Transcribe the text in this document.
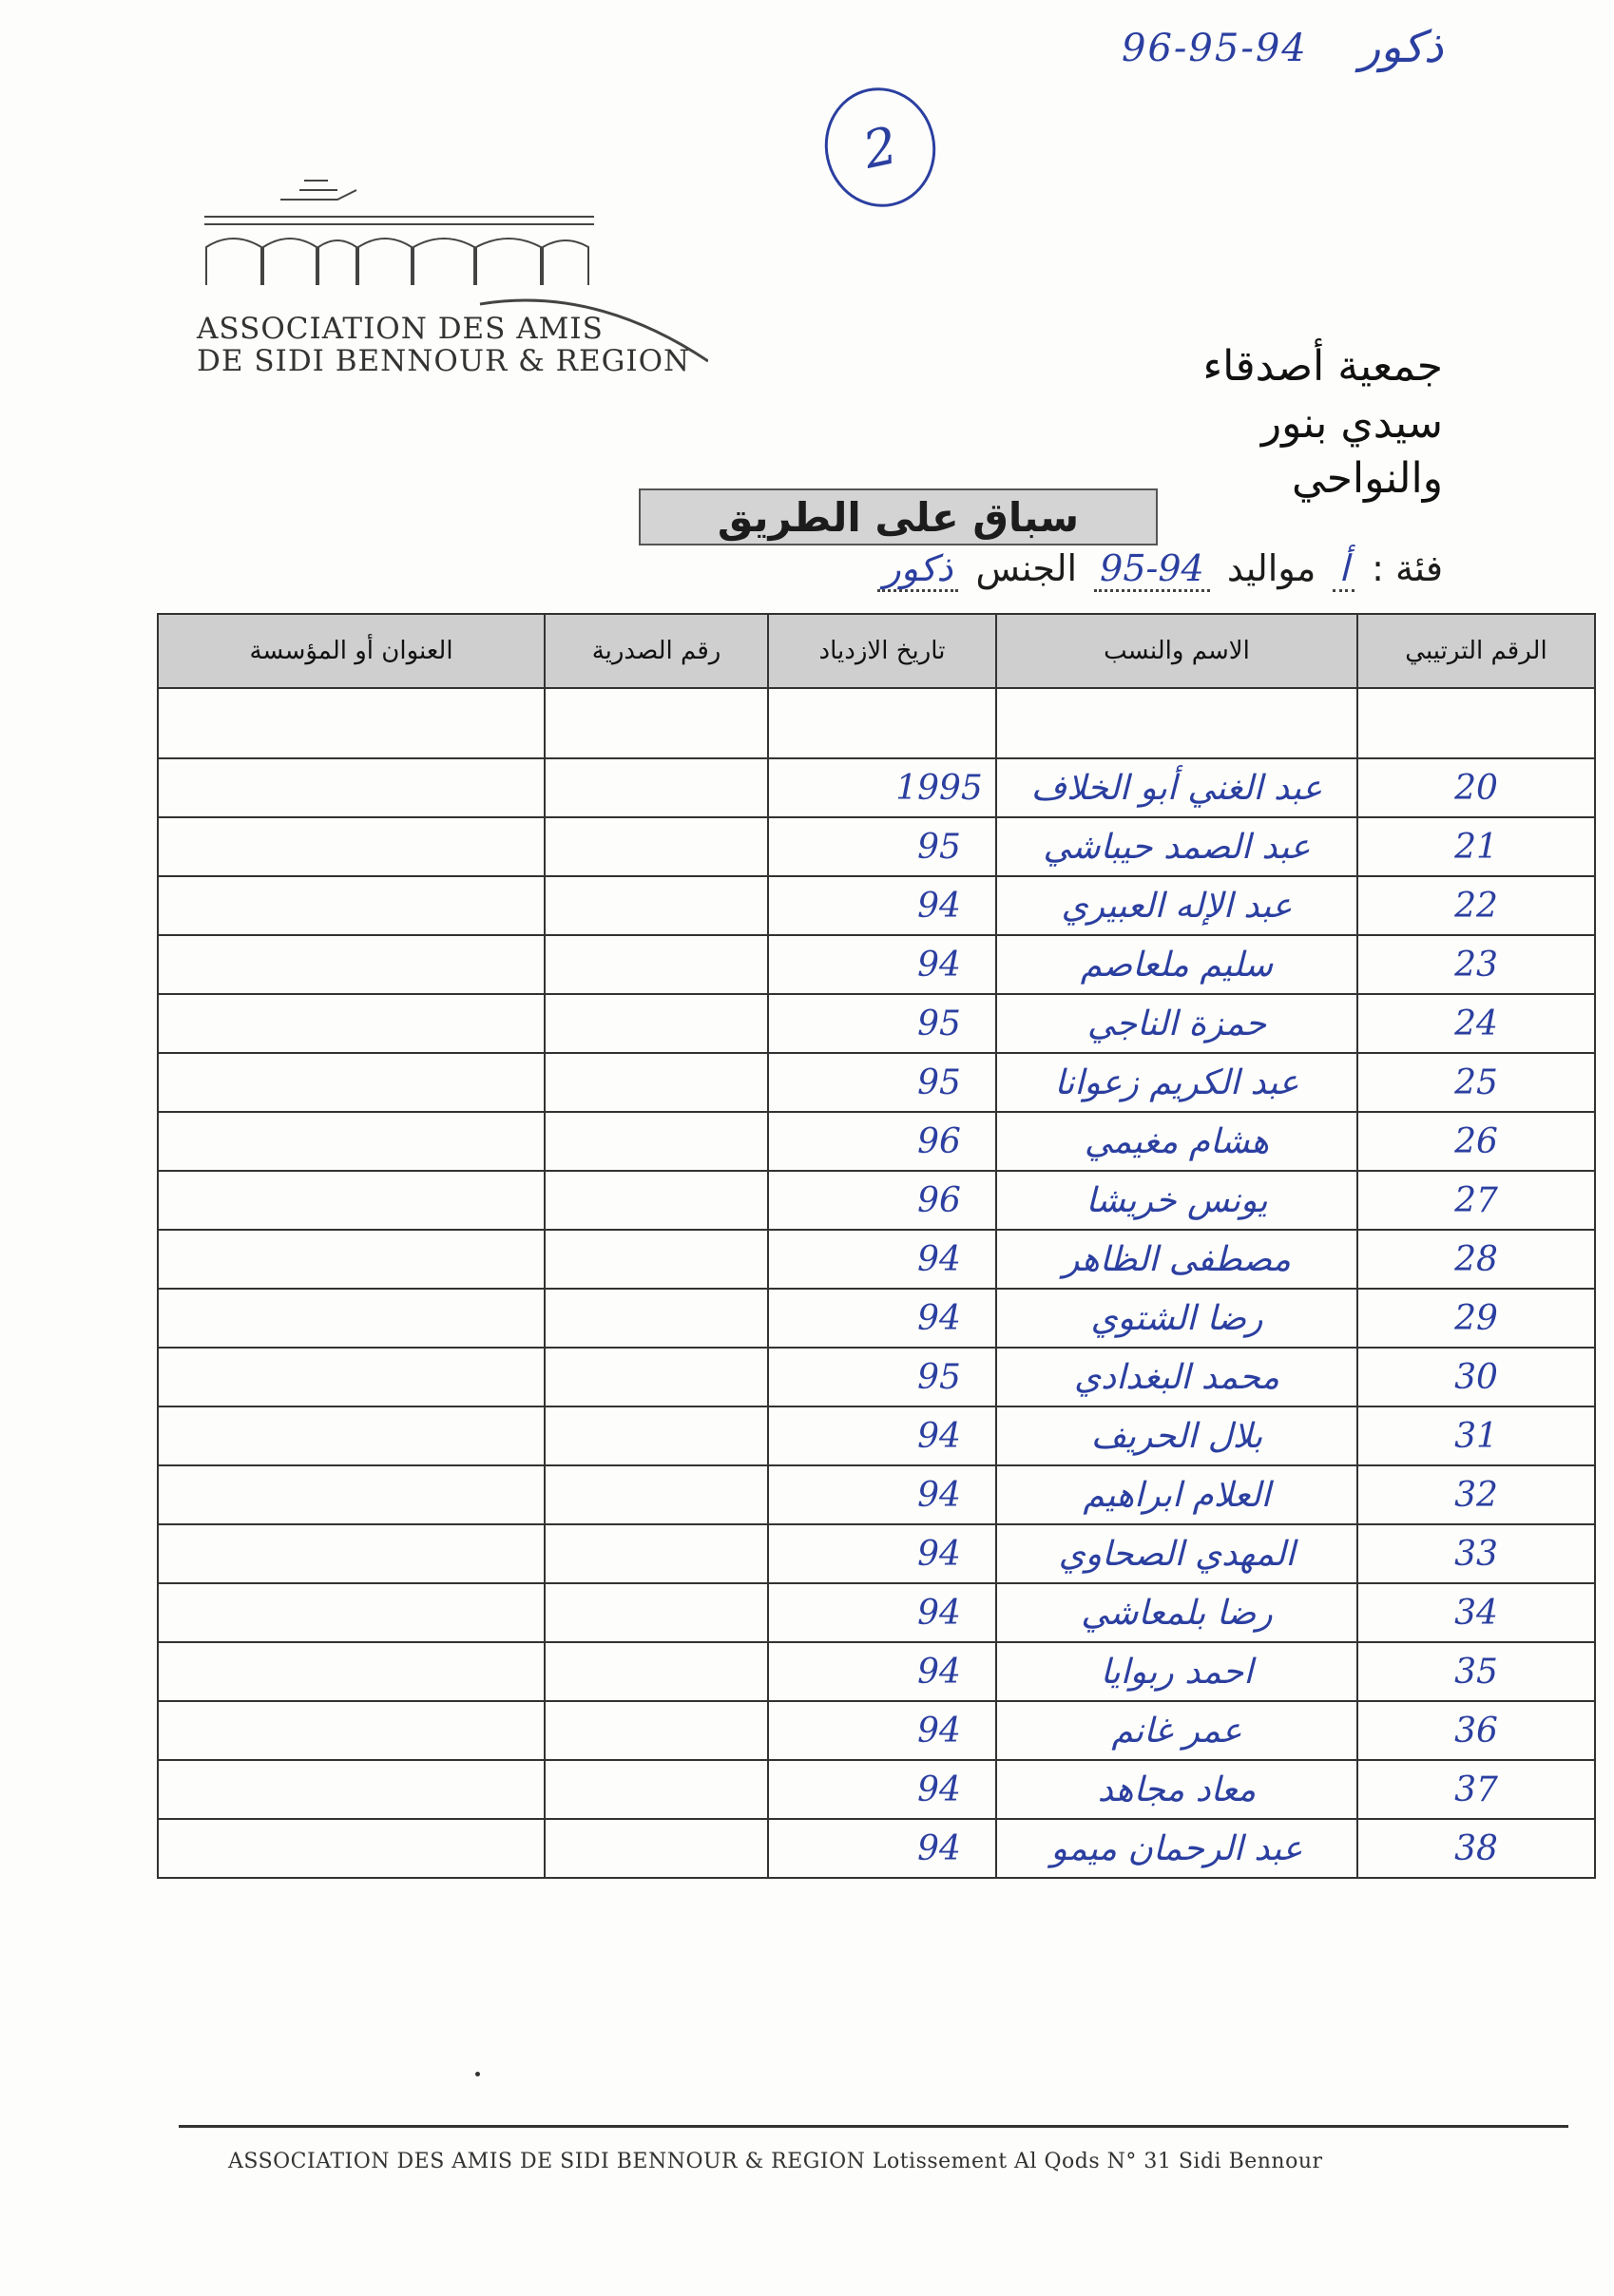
96-95-94 ذكور
2
ASSOCIATION DES AMIS
DE SIDI BENNOUR & REGION	جمعية أصدقاء
سيدي بنور
والنواحي
سباق على الطريق
فئة : أ مواليد 95-94 الجنس ذكور
الرقم الترتيبي	الاسم والنسب	تاريخ الازدياد	رقم الصدرية	العنوان أو المؤسسة

20	عبد الغني أبو الخلاف	1995		
21	عبد الصمد حيباشي	95		
22	عبد الإله العبيري	94		
23	سليم ملعاصم	94		
24	حمزة الناجي	95		
25	عبد الكريم زعوانا	95		
26	هشام مغيمي	96		
27	يونس خريشا	96		
28	مصطفى الظاهر	94		
29	رضا الشتوي	94		
30	محمد البغدادي	95		
31	بلال الحريف	94		
32	العلام ابراهيم	94		
33	المهدي الصحاوي	94		
34	رضا بلمعاشي	94		
35	احمد ربوايا	94		
36	عمر غانم	94		
37	معاد مجاهد	94		
38	عبد الرحمان ميمو	94		
ASSOCIATION DES AMIS DE SIDI BENNOUR & REGION Lotissement Al Qods N° 31 Sidi Bennour
